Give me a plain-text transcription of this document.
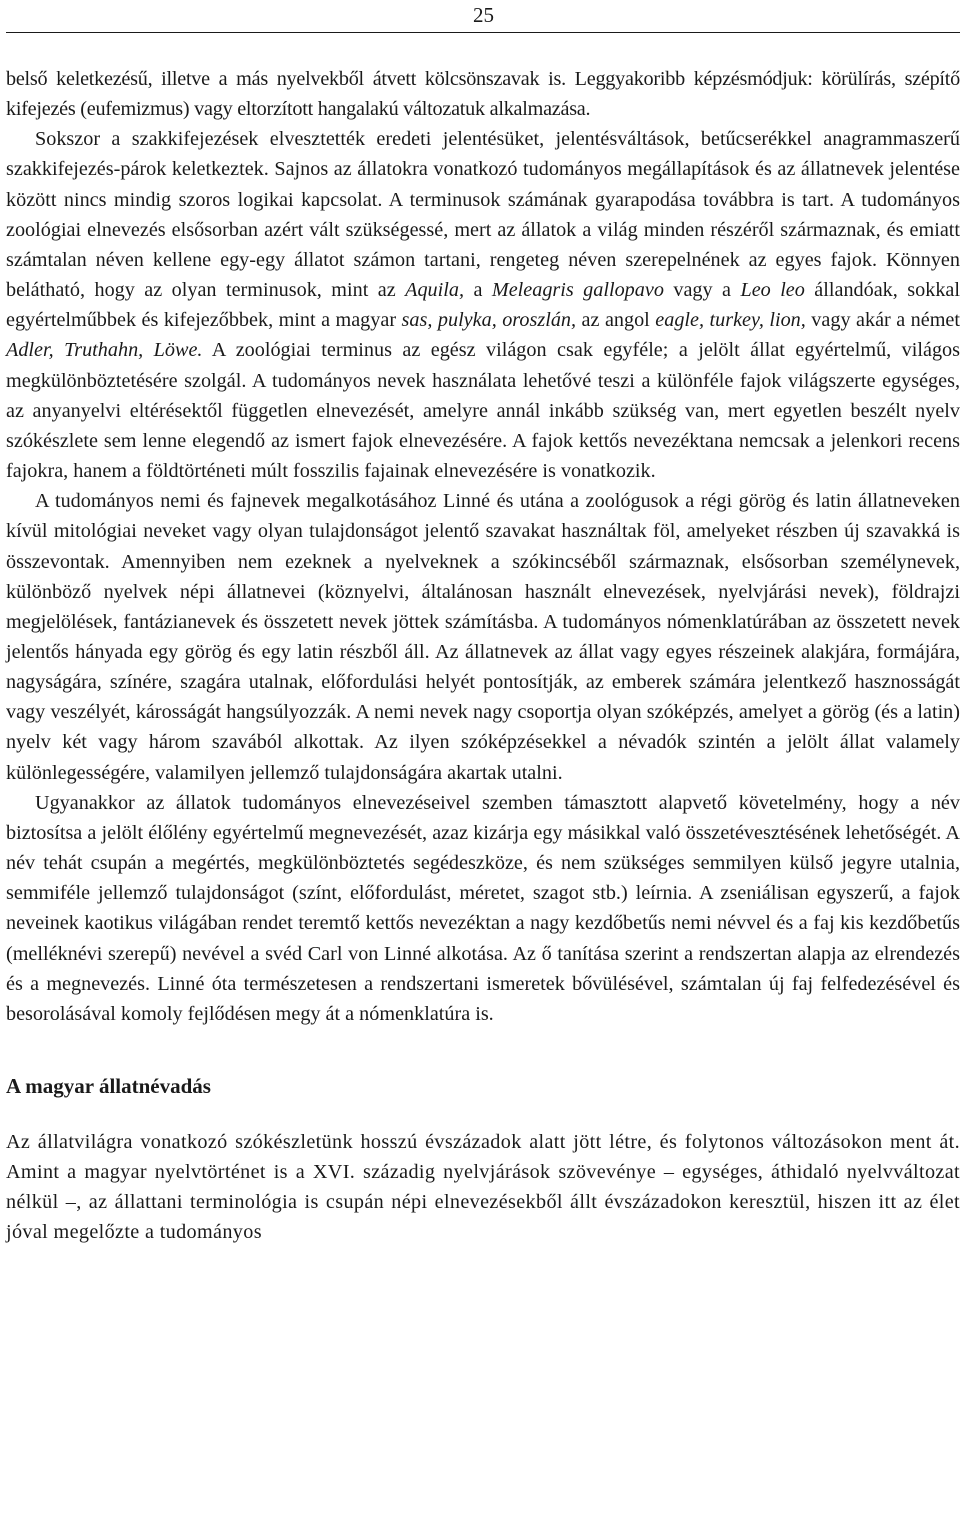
25

belső keletkezésű, illetve a más nyelvekből átvett kölcsönszavak is. Leggyakoribb képzésmódjuk: körülírás, szépítő kifejezés (eufemizmus) vagy eltorzított hangalakú változatuk alkalmazása.

Sokszor a szakkifejezések elvesztették eredeti jelentésüket, jelentésváltások, betűcserékkel anagrammaszerű szakkifejezés-párok keletkeztek. Sajnos az állatokra vonatkozó tudományos megállapítások és az állatnevek jelentése között nincs mindig szoros logikai kapcsolat. A terminusok számának gyarapodása továbbra is tart. A tudományos zoológiai elnevezés elsősorban azért vált szükségessé, mert az állatok a világ minden részéről származnak, és emiatt számtalan néven kellene egy-egy állatot számon tartani, rengeteg néven szerepelnének az egyes fajok. Könnyen belátható, hogy az olyan terminusok, mint az Aquila, a Meleagris gallopavo vagy a Leo leo állandóak, sokkal egyértelműbbek és kifejezőbbek, mint a magyar sas, pulyka, oroszlán, az angol eagle, turkey, lion, vagy akár a német Adler, Truthahn, Löwe. A zoológiai terminus az egész világon csak egyféle; a jelölt állat egyértelmű, világos megkülönböztetésére szolgál. A tudományos nevek használata lehetővé teszi a különféle fajok világszerte egységes, az anyanyelvi eltérésektől független elnevezését, amelyre annál inkább szükség van, mert egyetlen beszélt nyelv szókészlete sem lenne elegendő az ismert fajok elnevezésére. A fajok kettős nevezéktana nemcsak a jelenkori recens fajokra, hanem a földtörténeti múlt fosszilis fajainak elnevezésére is vonatkozik.

A tudományos nemi és fajnevek megalkotásához Linné és utána a zoológusok a régi görög és latin állatneveken kívül mitológiai neveket vagy olyan tulajdonságot jelentő szavakat használtak föl, amelyeket részben új szavakká is összevontak. Amennyiben nem ezeknek a nyelveknek a szókincséből származnak, elsősorban személynevek, különböző nyelvek népi állatnevei (köznyelvi, általánosan használt elnevezések, nyelvjárási nevek), földrajzi megjelölések, fantázianevek és összetett nevek jöttek számításba. A tudományos nómenklatúrában az összetett nevek jelentős hányada egy görög és egy latin részből áll. Az állatnevek az állat vagy egyes részeinek alakjára, formájára, nagyságára, színére, szagára utalnak, előfordulási helyét pontosítják, az emberek számára jelentkező hasznosságát vagy veszélyét, károsságát hangsúlyozzák. A nemi nevek nagy csoportja olyan szóképzés, amelyet a görög (és a latin) nyelv két vagy három szavából alkottak. Az ilyen szóképzésekkel a névadók szintén a jelölt állat valamely különlegességére, valamilyen jellemző tulajdonságára akartak utalni.

Ugyanakkor az állatok tudományos elnevezéseivel szemben támasztott alapvető követelmény, hogy a név biztosítsa a jelölt élőlény egyértelmű megnevezését, azaz kizárja egy másikkal való összetévesztésének lehetőségét. A név tehát csupán a megértés, megkülönböztetés segédeszköze, és nem szükséges semmilyen külső jegyre utalnia, semmiféle jellemző tulajdonságot (színt, előfordulást, méretet, szagot stb.) leírnia. A zseniálisan egyszerű, a fajok neveinek kaotikus világában rendet teremtő kettős nevezéktan a nagy kezdőbetűs nemi névvel és a faj kis kezdőbetűs (melléknévi szerepű) nevével a svéd Carl von Linné alkotása. Az ő tanítása szerint a rendszertan alapja az elrendezés és a megnevezés. Linné óta természetesen a rendszertani ismeretek bővülésével, számtalan új faj felfedezésével és besorolásával komoly fejlődésen megy át a nómenklatúra is.

A magyar állatnévadás

Az állatvilágra vonatkozó szókészletünk hosszú évszázadok alatt jött létre, és folytonos változásokon ment át. Amint a magyar nyelvtörténet is a XVI. századig nyelvjárások szövevénye – egységes, áthidaló nyelvváltozat nélkül –, az állattani terminológia is csupán népi elnevezésekből állt évszázadokon keresztül, hiszen itt az élet jóval megelőzte a tudományos
